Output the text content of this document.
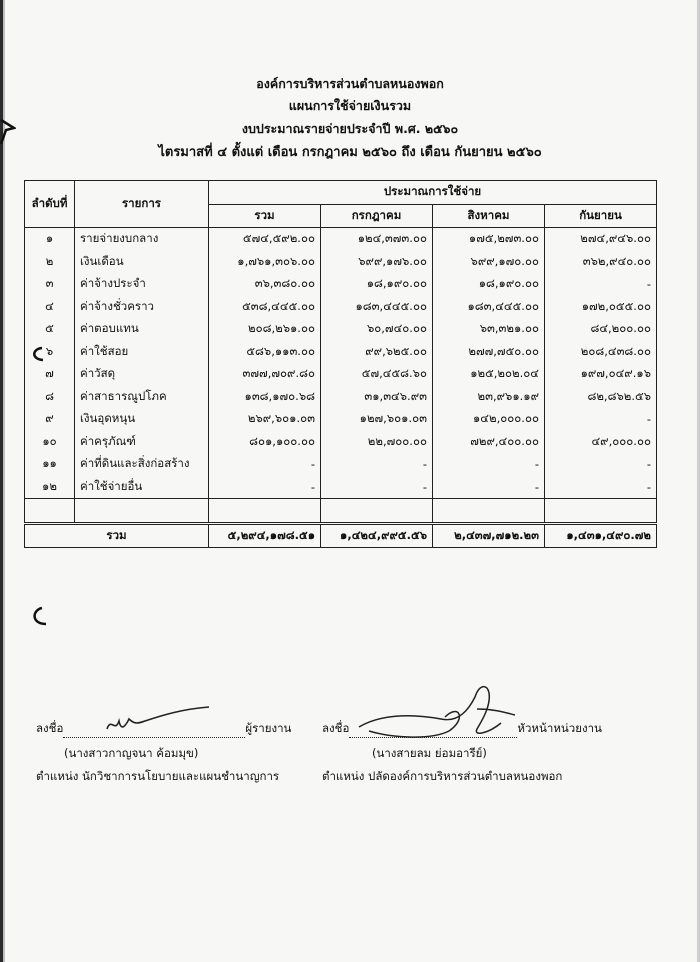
องค์การบริหารส่วนตำบลหนองพอก
แผนการใช้จ่ายเงินรวม
งบประมาณรายจ่ายประจำปี พ.ศ. ๒๕๖๐
ไตรมาสที่ ๔ ตั้งแต่ เดือน กรกฎาคม ๒๕๖๐ ถึง เดือน กันยายน ๒๕๖๐
ลำดับที่	รายการ	ประมาณการใช้จ่าย			
		รวม	กรกฎาคม	สิงหาคม	กันยายน
๑	รายจ่ายงบกลาง	๕๗๔,๕๙๒.๐๐	๑๒๔,๓๗๓.๐๐	๑๗๕,๒๗๓.๐๐	๒๗๔,๙๔๖.๐๐
๒	เงินเดือน	๑,๗๖๑,๓๐๖.๐๐	๖๙๙,๑๗๖.๐๐	๖๙๙,๑๗๐.๐๐	๓๖๒,๙๔๐.๐๐
๓	ค่าจ้างประจำ	๓๖,๓๘๐.๐๐	๑๘,๑๙๐.๐๐	๑๘,๑๙๐.๐๐	-
๔	ค่าจ้างชั่วคราว	๕๓๘,๔๔๕.๐๐	๑๘๓,๔๔๕.๐๐	๑๘๓,๔๔๕.๐๐	๑๗๒,๐๕๕.๐๐
๕	ค่าตอบแทน	๒๐๘,๒๖๑.๐๐	๖๐,๗๔๐.๐๐	๖๓,๓๒๑.๐๐	๘๔,๒๐๐.๐๐
๖	ค่าใช้สอย	๕๘๖,๑๑๓.๐๐	๙๙,๖๒๕.๐๐	๒๗๗,๗๕๐.๐๐	๒๐๘,๔๓๘.๐๐
๗	ค่าวัสดุ	๓๗๗,๗๐๙.๘๐	๕๗,๔๕๘.๖๐	๑๒๕,๒๐๒.๐๔	๑๙๗,๐๔๙.๑๖
๘	ค่าสาธารณูปโภค	๑๓๘,๑๗๐.๖๘	๓๑,๓๔๖.๙๓	๒๓,๙๖๑.๑๙	๘๒,๘๖๒.๕๖
๙	เงินอุดหนุน	๒๖๙,๖๐๑.๐๓	๑๒๗,๖๐๑.๐๓	๑๔๒,๐๐๐.๐๐	-
๑๐	ค่าครุภัณฑ์	๘๐๑,๑๐๐.๐๐	๒๒,๗๐๐.๐๐	๗๒๙,๔๐๐.๐๐	๔๙,๐๐๐.๐๐
๑๑	ค่าที่ดินและสิ่งก่อสร้าง	-	-	-	-
๑๒	ค่าใช้จ่ายอื่น	-	-	-	-

รวม		๕,๒๙๔,๑๗๘.๕๑	๑,๔๒๔,๙๙๕.๕๖	๒,๔๓๗,๗๑๒.๒๓	๑,๔๓๑,๔๙๐.๗๒
ลงชื่อ	ผู้รายงาน
(นางสาวกาญจนา ค้อมมุข)
ตำแหน่ง นักวิชาการนโยบายและแผนชำนาญการ
ลงชื่อ	หัวหน้าหน่วยงาน
(นางสายลม ย่อมอารีย์)
ตำแหน่ง ปลัดองค์การบริหารส่วนตำบลหนองพอก
